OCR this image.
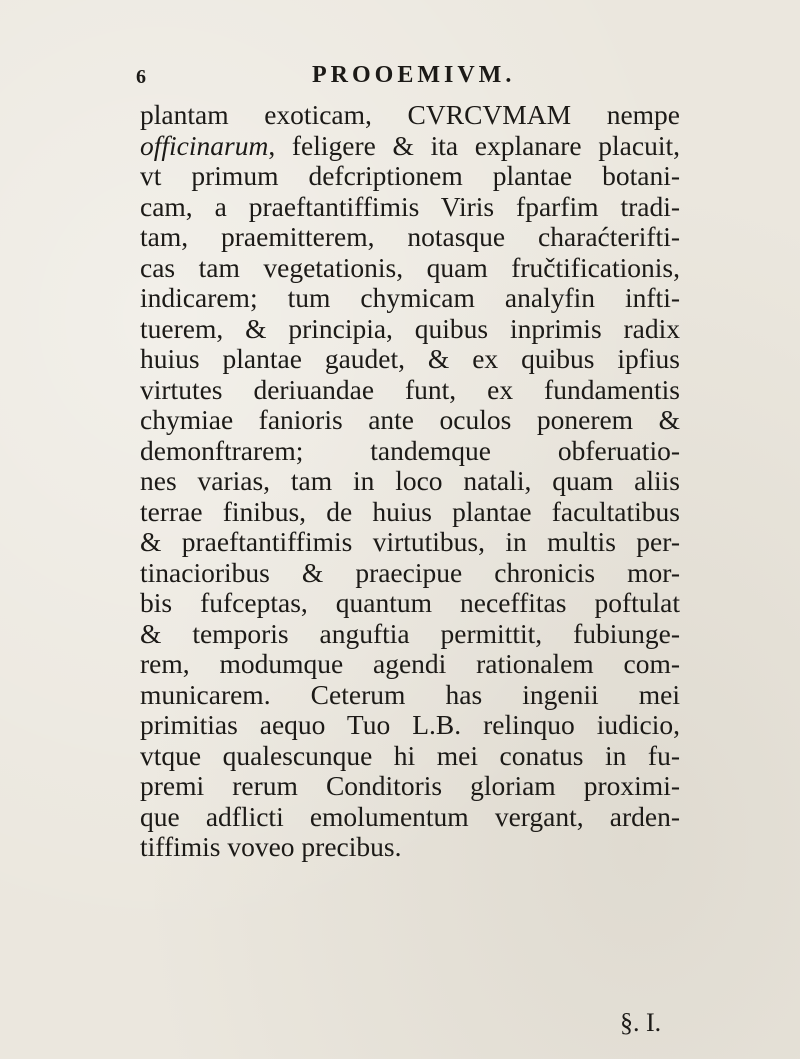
6	PROOEMIVM.
plantam exoticam, CVRCVMAM nempe
officinarum, feligere & ita explanare placuit,
vt primum defcriptionem plantae botani-
cam, a praeftantiffimis Viris fparfim tradi-
tam, praemitterem, notasque charaćterifti-
cas tam vegetationis, quam fručtificationis,
indicarem; tum chymicam analyfin infti-
tuerem, & principia, quibus inprimis radix
huius plantae gaudet, & ex quibus ipfius
virtutes deriuandae funt, ex fundamentis
chymiae fanioris ante oculos ponerem &
demonftrarem; tandemque obferuatio-
nes varias, tam in loco natali, quam aliis
terrae finibus, de huius plantae facultatibus
& praeftantiffimis virtutibus, in multis per-
tinacioribus & praecipue chronicis mor-
bis fufceptas, quantum neceffitas poftulat
& temporis anguftia permittit, fubiunge-
rem, modumque agendi rationalem com-
municarem. Ceterum has ingenii mei
primitias aequo Tuo L.B. relinquo iudicio,
vtque qualescunque hi mei conatus in fu-
premi rerum Conditoris gloriam proximi-
que adflicti emolumentum vergant, arden-
tiffimis voveo precibus.
§. I.
